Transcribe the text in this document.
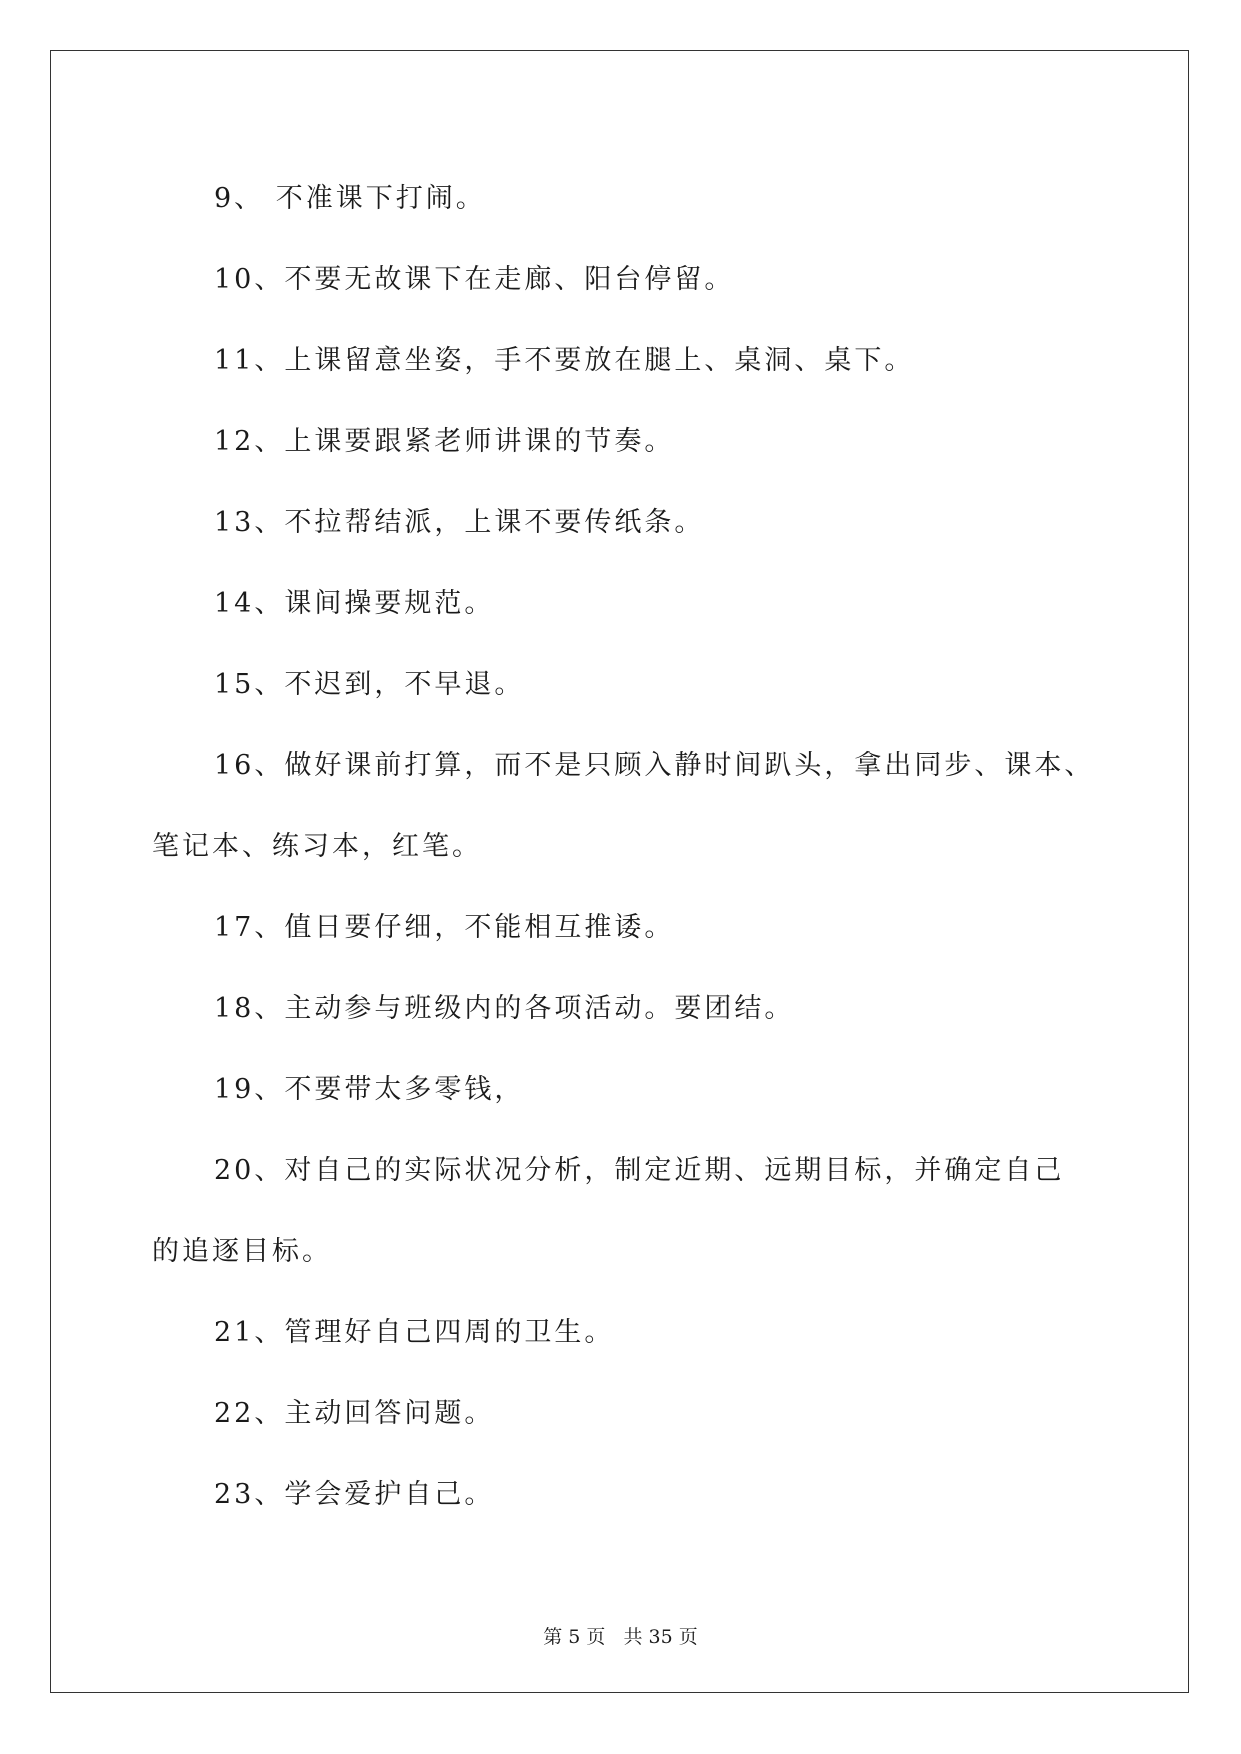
9、 不准课下打闹。
10、不要无故课下在走廊、阳台停留。
11、上课留意坐姿，手不要放在腿上、桌洞、桌下。
12、上课要跟紧老师讲课的节奏。
13、不拉帮结派，上课不要传纸条。
14、课间操要规范。
15、不迟到，不早退。
16、做好课前打算，而不是只顾入静时间趴头，拿出同步、课本、
笔记本、练习本，红笔。
17、值日要仔细，不能相互推诿。
18、主动参与班级内的各项活动。要团结。
19、不要带太多零钱，
20、对自己的实际状况分析，制定近期、远期目标，并确定自己
的追逐目标。
21、管理好自己四周的卫生。
22、主动回答问题。
23、学会爱护自己。
第 5 页   共 35 页
